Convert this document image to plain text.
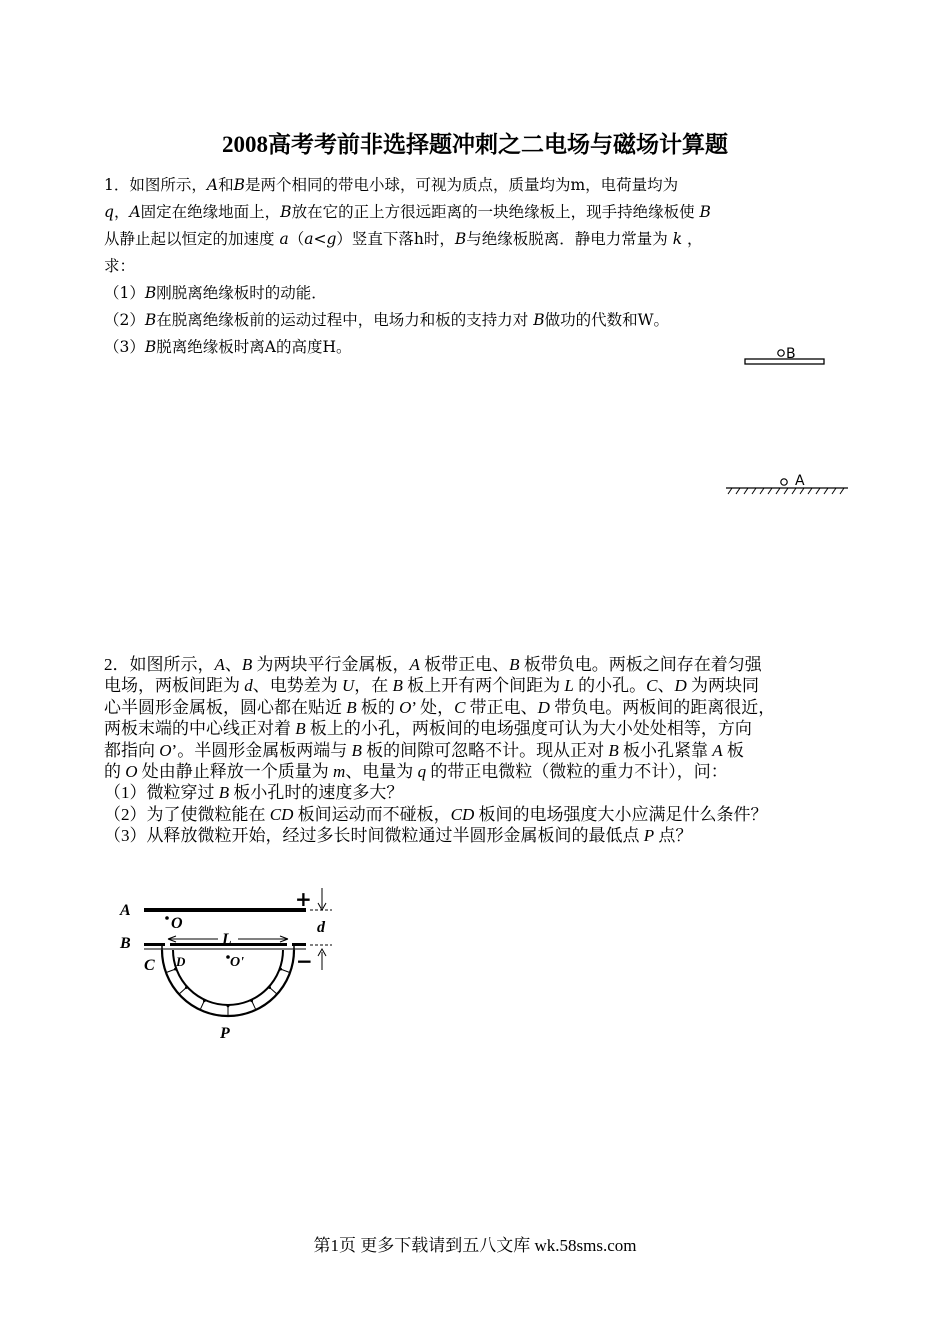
2008高考考前非选择题冲刺之二电场与磁场计算题
1．如图所示，A和B是两个相同的带电小球，可视为质点，质量均为m，电荷量均为
q，A固定在绝缘地面上，B放在它的正上方很远距离的一块绝缘板上，现手持绝缘板使 B
从静止起以恒定的加速度 a（a<g）竖直下落h时，B与绝缘板脱离．静电力常量为 k ，
求：
（1）B刚脱离绝缘板时的动能．
（2）B在脱离绝缘板前的运动过程中，电场力和板的支持力对 B做功的代数和W。
（3）B脱离绝缘板时离A的高度H。	B
A
2．如图所示，A、B 为两块平行金属板，A 板带正电、B 板带负电。两板之间存在着匀强
电场，两板间距为 d、电势差为 U，在 B 板上开有两个间距为 L 的小孔。C、D 为两块同
心半圆形金属板，圆心都在贴近 B 板的 O’ 处，C 带正电、D 带负电。两板间的距离很近，
两板末端的中心线正对着 B 板上的小孔，两板间的电场强度可认为大小处处相等，方向
都指向 O’。半圆形金属板两端与 B 板的间隙可忽略不计。现从正对 B 板小孔紧靠 A 板
的 O 处由静止释放一个质量为 m、电量为 q 的带正电微粒（微粒的重力不计），问：
（1）微粒穿过 B 板小孔时的速度多大？
（2）为了使微粒能在 CD 板间运动而不碰板，CD 板间的电场强度大小应满足什么条件？
（3）从释放微粒开始，经过多长时间微粒通过半圆形金属板间的最低点 P 点？
A	+
B
−
O
L
d
C D	O'
P
第1页 更多下载请到五八文库 wk.58sms.com
